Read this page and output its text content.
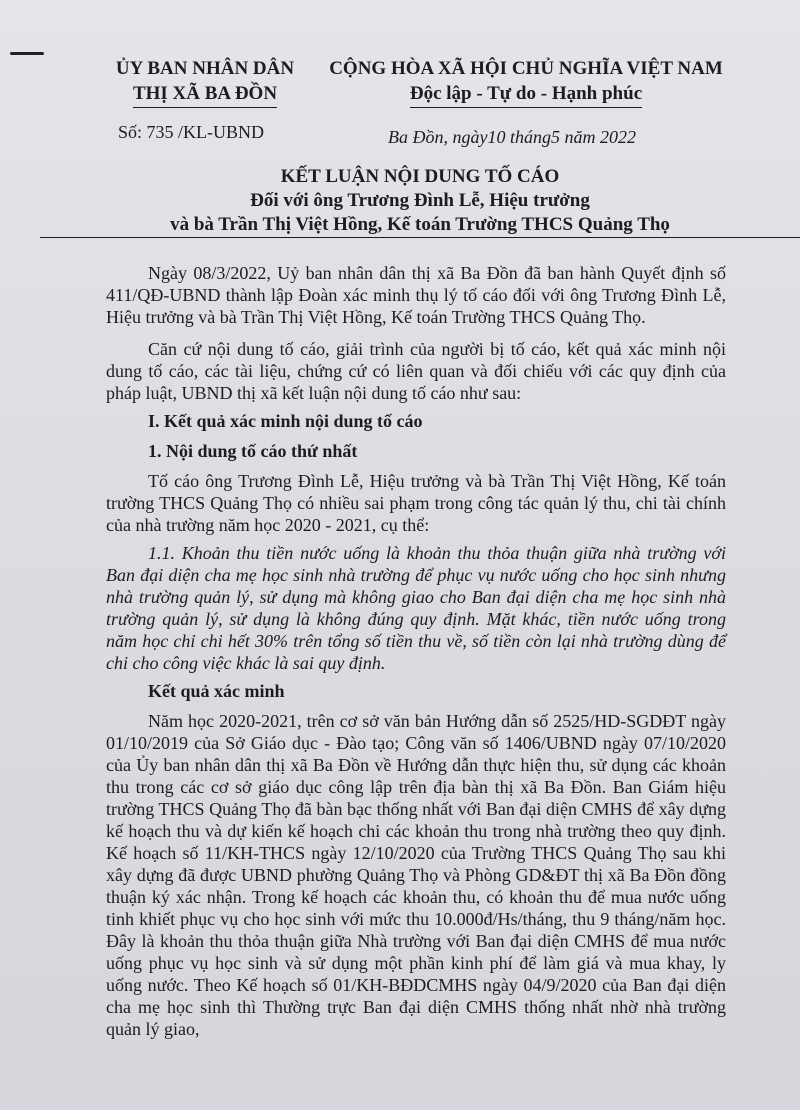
ỦY BAN NHÂN DÂN
THỊ XÃ BA ĐỒN
CỘNG HÒA XÃ HỘI CHỦ NGHĨA VIỆT NAM
Độc lập - Tự do - Hạnh phúc
Số: 735 /KL-UBND	Ba Đồn, ngày10 tháng5 năm 2022
KẾT LUẬN NỘI DUNG TỐ CÁO
Đối với ông Trương Đình Lễ, Hiệu trưởng
và bà Trần Thị Việt Hồng, Kế toán Trường THCS Quảng Thọ

Ngày 08/3/2022, Uỷ ban nhân dân thị xã Ba Đồn đã ban hành Quyết định số 411/QĐ-UBND thành lập Đoàn xác minh thụ lý tố cáo đối với ông Trương Đình Lễ, Hiệu trưởng và bà Trần Thị Việt Hồng, Kế toán Trường THCS Quảng Thọ.

Căn cứ nội dung tố cáo, giải trình của người bị tố cáo, kết quả xác minh nội dung tố cáo, các tài liệu, chứng cứ có liên quan và đối chiếu với các quy định của pháp luật, UBND thị xã kết luận nội dung tố cáo như sau:

I. Kết quả xác minh nội dung tố cáo
1. Nội dung tố cáo thứ nhất

Tố cáo ông Trương Đình Lễ, Hiệu trưởng và bà Trần Thị Việt Hồng, Kế toán trường THCS Quảng Thọ có nhiều sai phạm trong công tác quản lý thu, chi tài chính của nhà trường năm học 2020 - 2021, cụ thể:

1.1. Khoản thu tiền nước uống là khoản thu thỏa thuận giữa nhà trường với Ban đại diện cha mẹ học sinh nhà trường để phục vụ nước uống cho học sinh nhưng nhà trường quản lý, sử dụng mà không giao cho Ban đại diện cha mẹ học sinh nhà trường quản lý, sử dụng là không đúng quy định. Mặt khác, tiền nước uống trong năm học chỉ chi hết 30% trên tổng số tiền thu về, số tiền còn lại nhà trường dùng để chi cho công việc khác là sai quy định.

Kết quả xác minh

Năm học 2020-2021, trên cơ sở văn bản Hướng dẫn số 2525/HD-SGDĐT ngày 01/10/2019 của Sở Giáo dục - Đào tạo; Công văn số 1406/UBND ngày 07/10/2020 của Ủy ban nhân dân thị xã Ba Đồn về Hướng dẫn thực hiện thu, sử dụng các khoản thu trong các cơ sở giáo dục công lập trên địa bàn thị xã Ba Đồn. Ban Giám hiệu trường THCS Quảng Thọ đã bàn bạc thống nhất với Ban đại diện CMHS để xây dựng kế hoạch thu và dự kiến kế hoạch chi các khoản thu trong nhà trường theo quy định. Kế hoạch số 11/KH-THCS ngày 12/10/2020 của Trường THCS Quảng Thọ sau khi xây dựng đã được UBND phường Quảng Thọ và Phòng GD&ĐT thị xã Ba Đồn đồng thuận ký xác nhận. Trong kế hoạch các khoản thu, có khoản thu để mua nước uống tinh khiết phục vụ cho học sinh với mức thu 10.000đ/Hs/tháng, thu 9 tháng/năm học. Đây là khoản thu thỏa thuận giữa Nhà trường với Ban đại diện CMHS để mua nước uống phục vụ học sinh và sử dụng một phần kinh phí để làm giá và mua khay, ly uống nước. Theo Kế hoạch số 01/KH-BĐDCMHS ngày 04/9/2020 của Ban đại diện cha mẹ học sinh thì Thường trực Ban đại diện CMHS thống nhất nhờ nhà trường quản lý giao,
